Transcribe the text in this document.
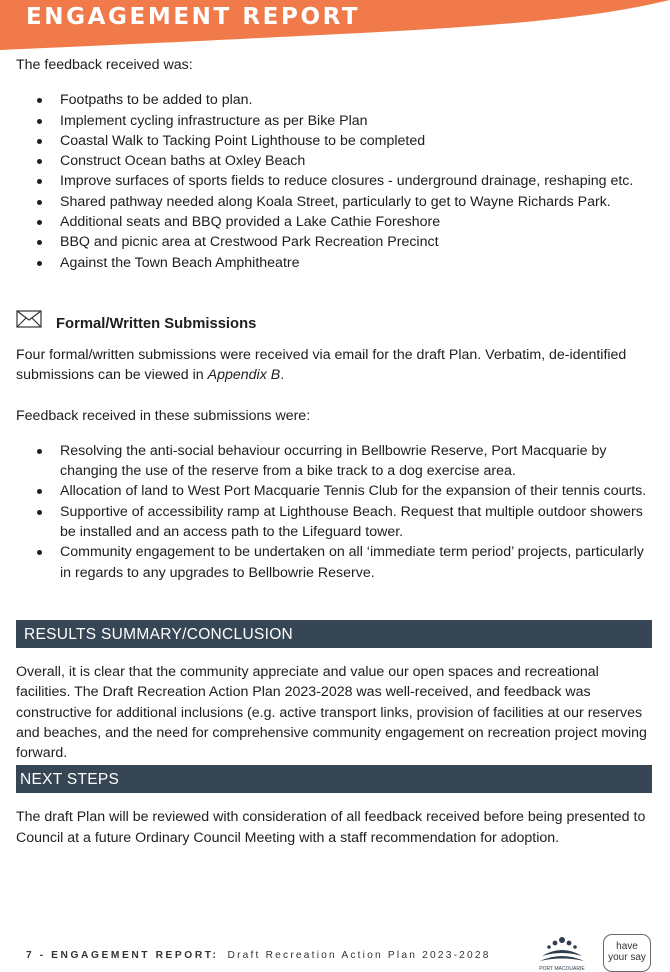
ENGAGEMENT REPORT

The feedback received was:

Footpaths to be added to plan.
Implement cycling infrastructure as per Bike Plan
Coastal Walk to Tacking Point Lighthouse to be completed
Construct Ocean baths at Oxley Beach
Improve surfaces of sports fields to reduce closures - underground drainage, reshaping etc.
Shared pathway needed along Koala Street, particularly to get to Wayne Richards Park.
Additional seats and BBQ provided a Lake Cathie Foreshore
BBQ and picnic area at Crestwood Park Recreation Precinct
Against the Town Beach Amphitheatre
Formal/Written Submissions

Four formal/written submissions were received via email for the draft Plan. Verbatim, de-identified submissions can be viewed in Appendix B.

Feedback received in these submissions were:

Resolving the anti-social behaviour occurring in Bellbowrie Reserve, Port Macquarie by changing the use of the reserve from a bike track to a dog exercise area.
Allocation of land to West Port Macquarie Tennis Club for the expansion of their tennis courts.
Supportive of accessibility ramp at Lighthouse Beach. Request that multiple outdoor showers be installed and an access path to the Lifeguard tower.
Community engagement to be undertaken on all ‘immediate term period’ projects, particularly in regards to any upgrades to Bellbowrie Reserve.
RESULTS SUMMARY/CONCLUSION

Overall, it is clear that the community appreciate and value our open spaces and recreational facilities. The Draft Recreation Action Plan 2023-2028 was well-received, and feedback was constructive for additional inclusions (e.g. active transport links, provision of facilities at our reserves and beaches, and the need for comprehensive community engagement on recreation project moving forward.

NEXT STEPS

The draft Plan will be reviewed with consideration of all feedback received before being presented to Council at a future Ordinary Council Meeting with a staff recommendation for adoption.

7 - ENGAGEMENT REPORT: Draft Recreation Action Plan 2023-2028
PORT MACQUARIE
have
your say
